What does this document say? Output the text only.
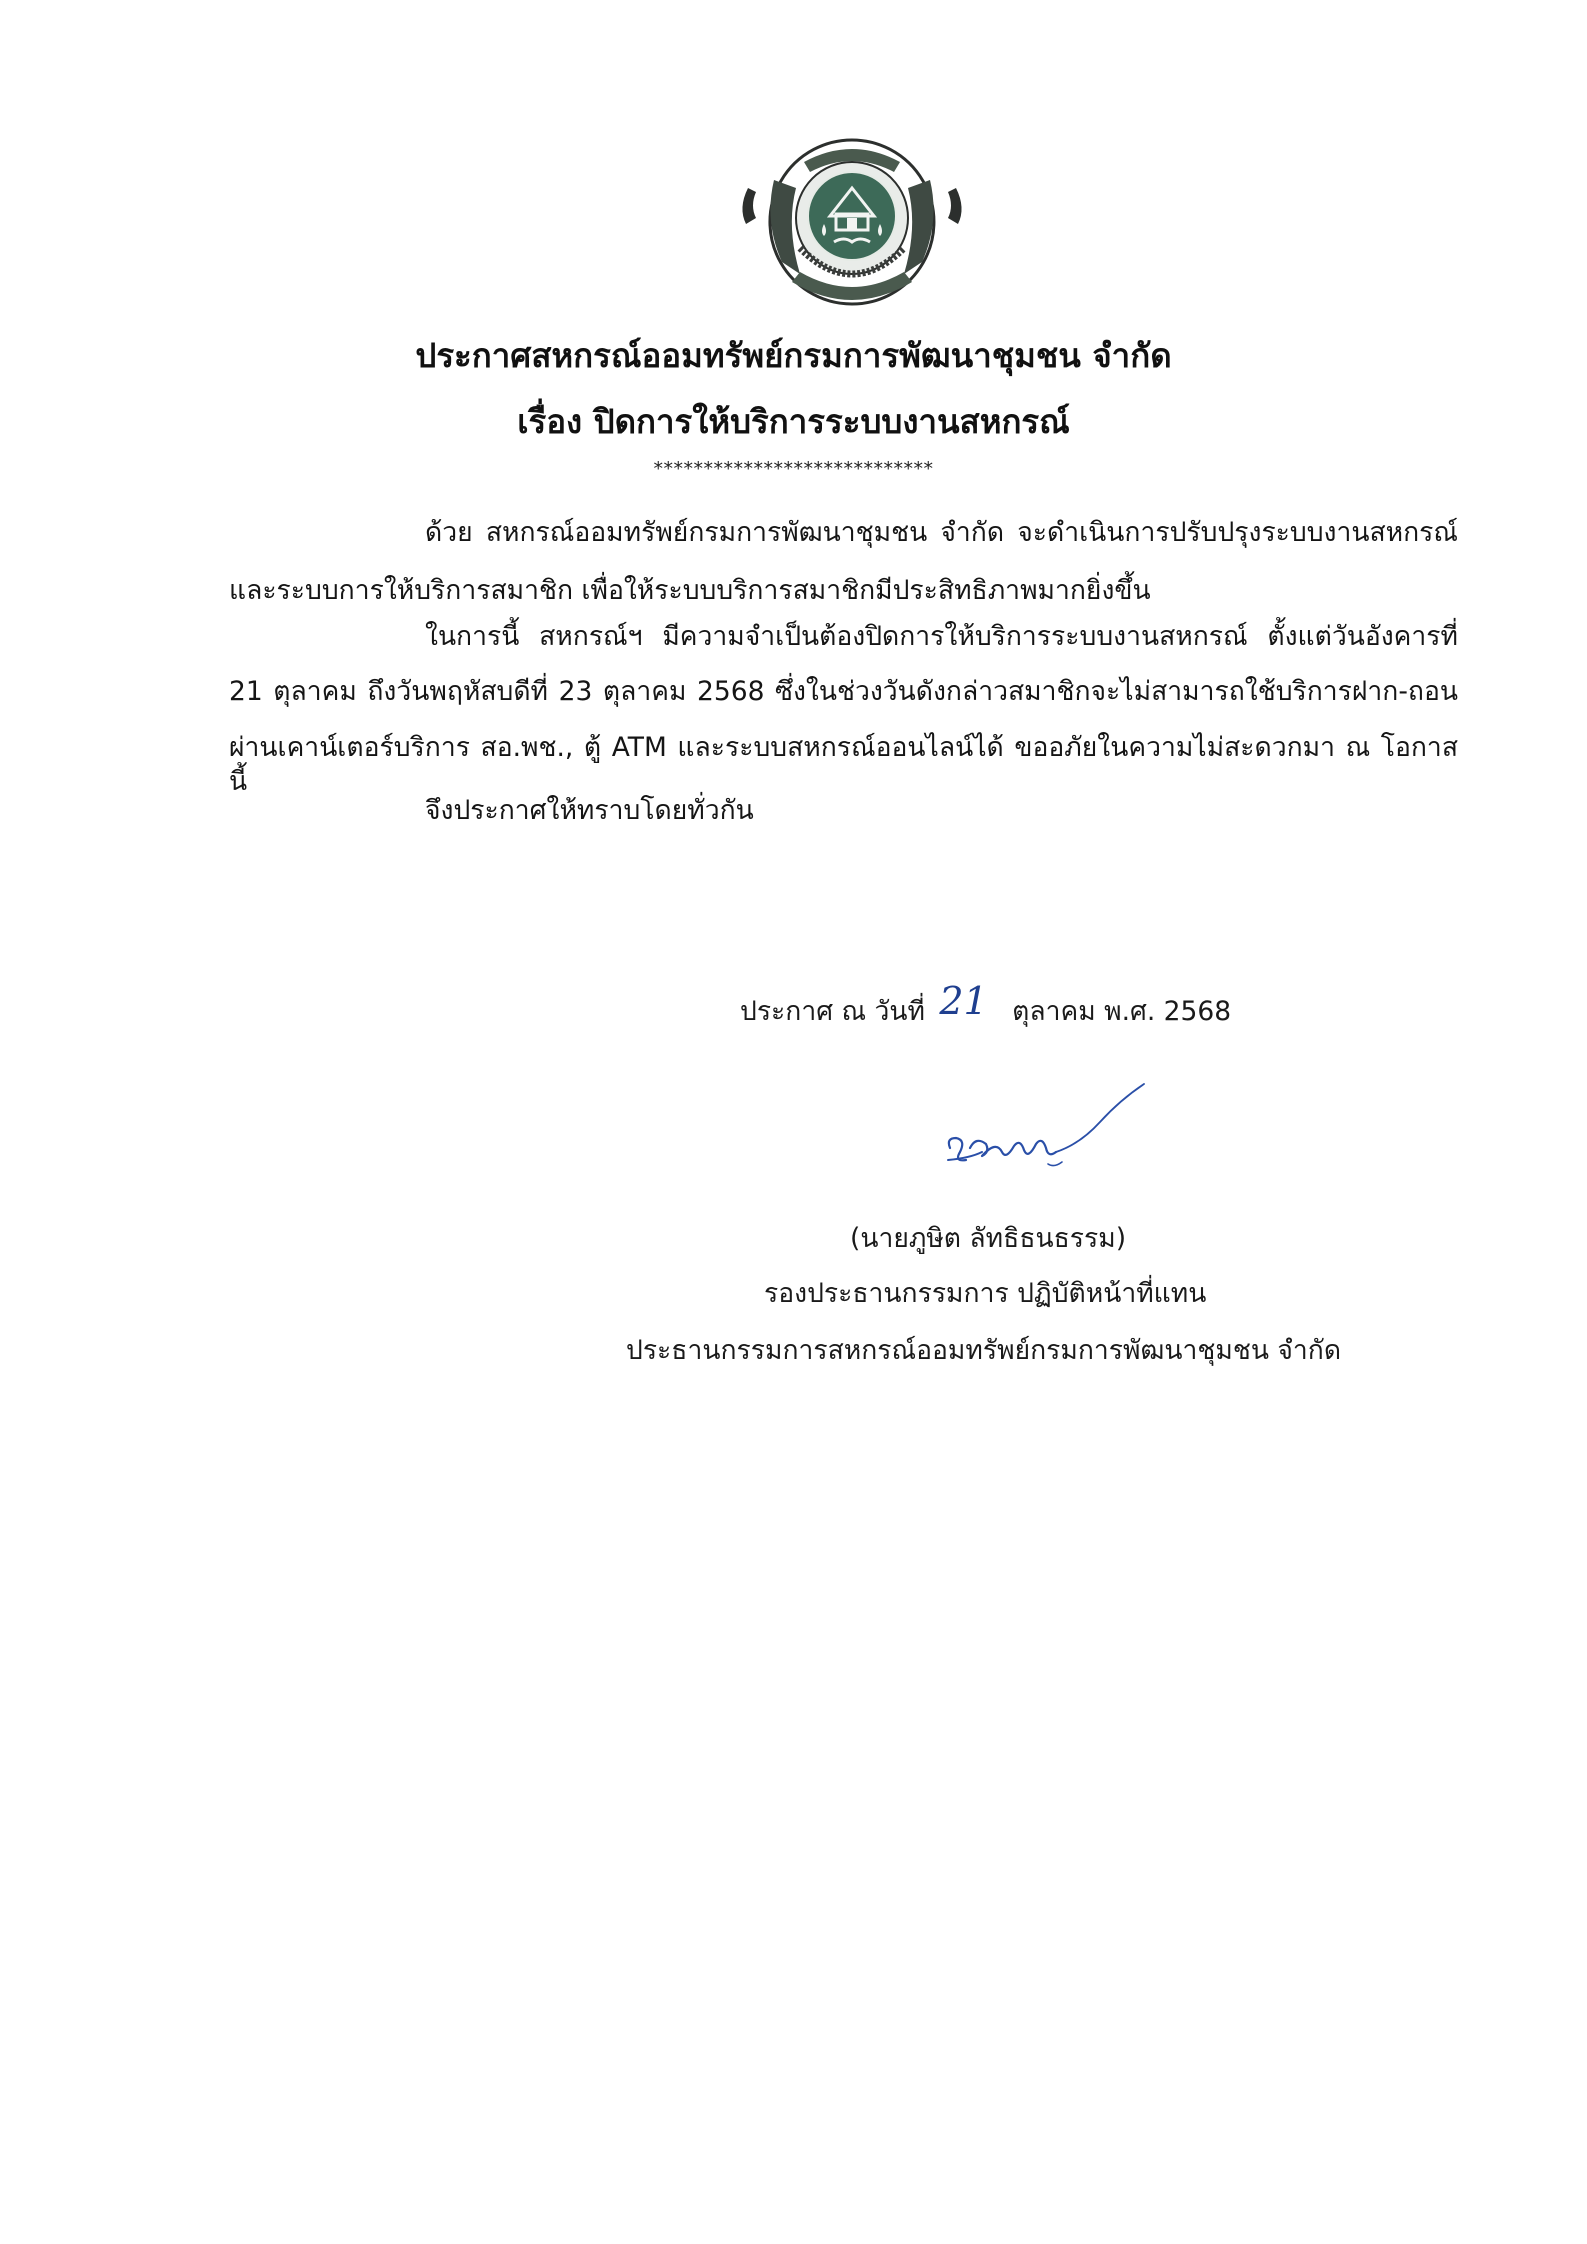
ประกาศสหกรณ์ออมทรัพย์กรมการพัฒนาชุมชน จำกัด
เรื่อง ปิดการให้บริการระบบงานสหกรณ์
****************************
ด้วย สหกรณ์ออมทรัพย์กรมการพัฒนาชุมชน จำกัด จะดำเนินการปรับปรุงระบบงานสหกรณ์
และระบบการให้บริการสมาชิก เพื่อให้ระบบบริการสมาชิกมีประสิทธิภาพมากยิ่งขึ้น
ในการนี้ สหกรณ์ฯ มีความจำเป็นต้องปิดการให้บริการระบบงานสหกรณ์ ตั้งแต่วันอังคารที่
21 ตุลาคม ถึงวันพฤหัสบดีที่ 23 ตุลาคม 2568 ซึ่งในช่วงวันดังกล่าวสมาชิกจะไม่สามารถใช้บริการฝาก-ถอน
ผ่านเคาน์เตอร์บริการ สอ.พช., ตู้ ATM และระบบสหกรณ์ออนไลน์ได้ ขออภัยในความไม่สะดวกมา ณ โอกาสนี้
จึงประกาศให้ทราบโดยทั่วกัน
ประกาศ ณ วันที่ 21 ตุลาคม พ.ศ. 2568
(นายภูษิต ลัทธิธนธรรม)
รองประธานกรรมการ ปฏิบัติหน้าที่แทน
ประธานกรรมการสหกรณ์ออมทรัพย์กรมการพัฒนาชุมชน จำกัด
